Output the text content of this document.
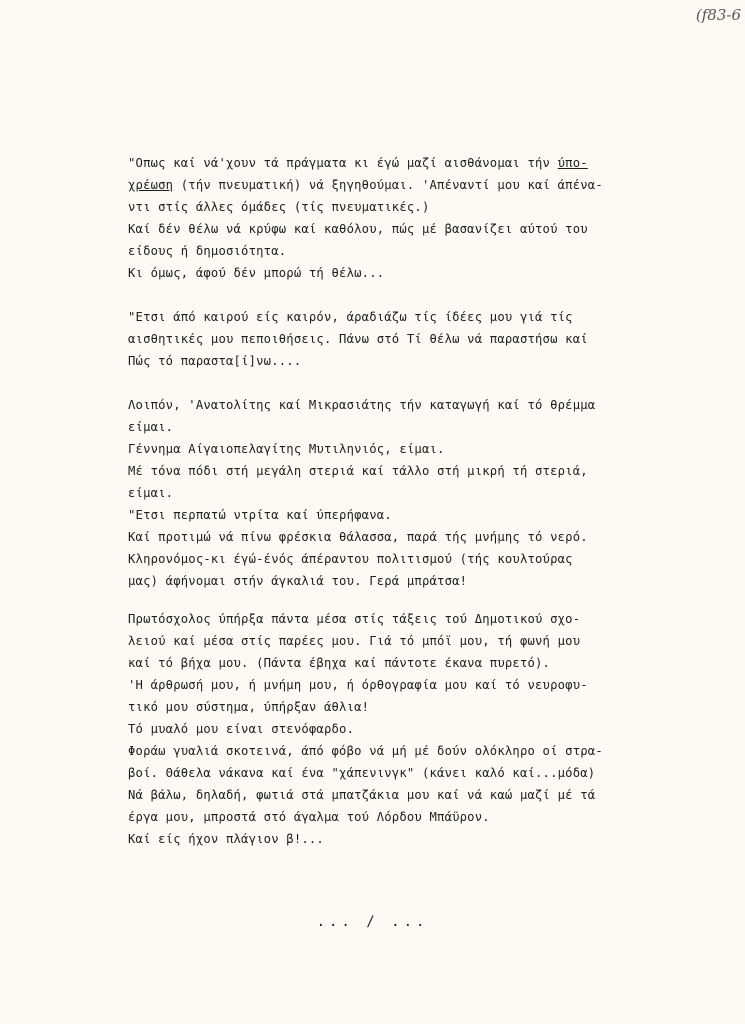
(f83-6
"Οπως καί νά'χουν τά πράγματα κι έγώ μαζί αισθάνομαι τήν ύπο-
χρέωση (τήν πνευματική) νά ξηγηθούμαι. 'Απέναντί μου καί άπένα-
ντι στίς άλλες όμάδες (τίς πνευματικές.)
Καί δέν θέλω νά κρύφω καί καθόλου, πώς μέ βασανίζει αύτού του
είδους ή δημοσιότητα.
Κι όμως, άφού δέν μπορώ τή θέλω...
"Ετσι άπό καιρού είς καιρόν, άραδιάζω τίς ίδέες μου γιά τίς
αισθητικές μου πεποιθήσεις. Πάνω στό Τί θέλω νά παραστήσω καί
Πώς τό παραστα[ί]νω....
Λοιπόν, 'Ανατολίτης καί Μικρασιάτης τήν καταγωγή καί τό θρέμμα
είμαι.
Γέννημα Αίγαιοπελαγίτης Μυτιληνιός, είμαι.
Μέ τόνα πόδι στή μεγάλη στεριά καί τάλλο στή μικρή τή στεριά,
είμαι.
"Ετσι περπατώ ντρίτα καί ύπερήφανα.
Καί προτιμώ νά πίνω φρέσκια θάλασσα, παρά τής μνήμης τό νερό.
Κληρονόμος-κι έγώ-ένός άπέραντου πολιτισμού (τής κουλτούρας
μας) άφήνομαι στήν άγκαλιά του. Γερά μπράτσα!
Πρωτόσχολος ύπήρξα πάντα μέσα στίς τάξεις τού Δημοτικού σχο-
λειού καί μέσα στίς παρέες μου. Γιά τό μπόϊ μου, τή φωνή μου
καί τό βήχα μου. (Πάντα έβηχα καί πάντοτε έκανα πυρετό).
'Η άρθρωσή μου, ή μνήμη μου, ή όρθογραφία μου καί τό νευροφυ-
τικό μου σύστημα, ύπήρξαν άθλια!
Τό μυαλό μου είναι στενόφαρδο.
Φοράω γυαλιά σκοτεινά, άπό φόβο νά μή μέ δούν ολόκληρο οί στρα-
βοί. Θάθελα νάκανα καί ένα "χάπενινγκ" (κάνει καλό καί...μόδα)
Νά βάλω, δηλαδή, φωτιά στά μπατζάκια μου καί νά καώ μαζί μέ τά
έργα μου, μπροστά στό άγαλμα τού Λόρδου Μπάϋρον.
Καί είς ήχον πλάγιον β!...
... / ...
